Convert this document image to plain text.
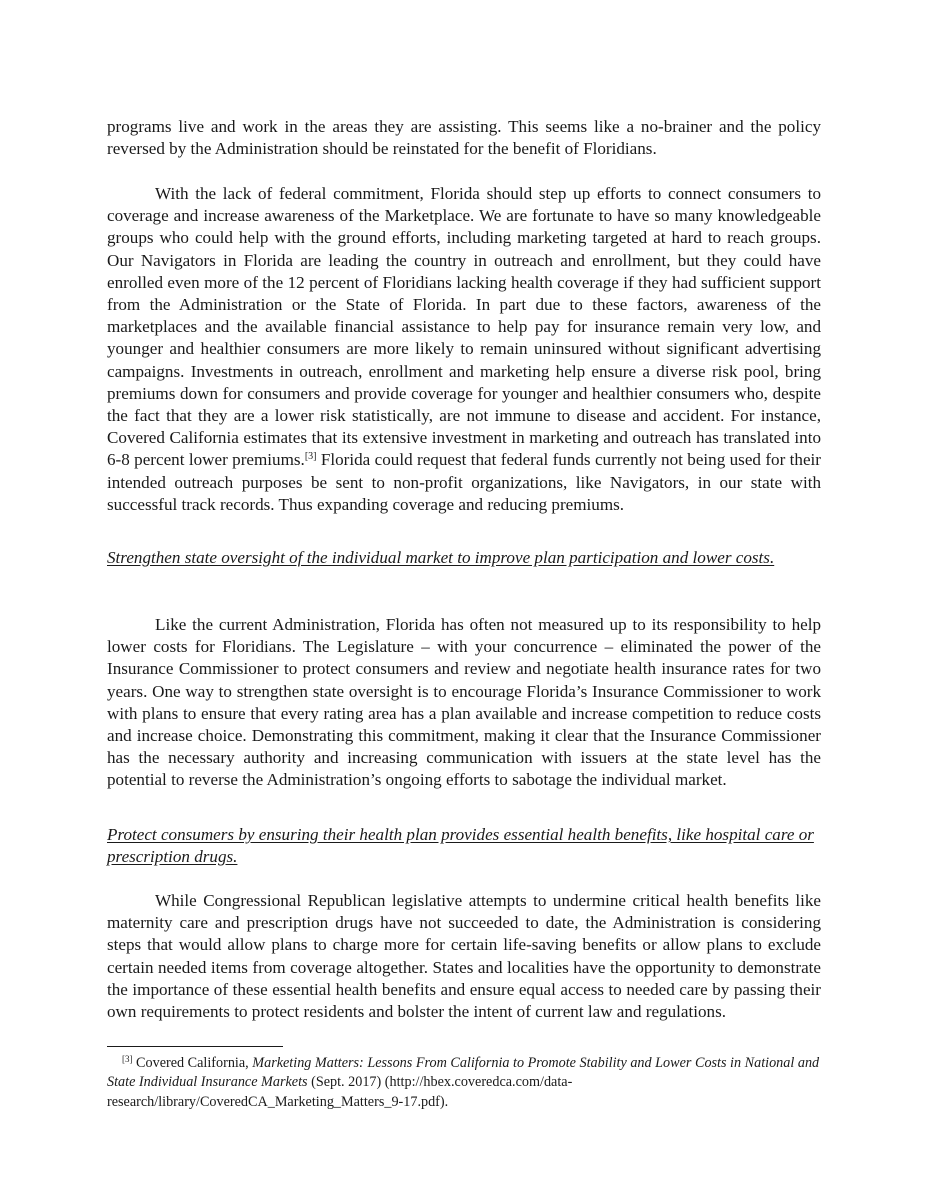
programs live and work in the areas they are assisting. This seems like a no-brainer and the policy reversed by the Administration should be reinstated for the benefit of Floridians.

With the lack of federal commitment, Florida should step up efforts to connect consumers to coverage and increase awareness of the Marketplace. We are fortunate to have so many knowledgeable groups who could help with the ground efforts, including marketing targeted at hard to reach groups. Our Navigators in Florida are leading the country in outreach and enrollment, but they could have enrolled even more of the 12 percent of Floridians lacking health coverage if they had sufficient support from the Administration or the State of Florida. In part due to these factors, awareness of the marketplaces and the available financial assistance to help pay for insurance remain very low, and younger and healthier consumers are more likely to remain uninsured without significant advertising campaigns. Investments in outreach, enrollment and marketing help ensure a diverse risk pool, bring premiums down for consumers and provide coverage for younger and healthier consumers who, despite the fact that they are a lower risk statistically, are not immune to disease and accident. For instance, Covered California estimates that its extensive investment in marketing and outreach has translated into 6-8 percent lower premiums.[3] Florida could request that federal funds currently not being used for their intended outreach purposes be sent to non-profit organizations, like Navigators, in our state with successful track records. Thus expanding coverage and reducing premiums.

Strengthen state oversight of the individual market to improve plan participation and lower costs.

Like the current Administration, Florida has often not measured up to its responsibility to help lower costs for Floridians. The Legislature – with your concurrence – eliminated the power of the Insurance Commissioner to protect consumers and review and negotiate health insurance rates for two years. One way to strengthen state oversight is to encourage Florida’s Insurance Commissioner to work with plans to ensure that every rating area has a plan available and increase competition to reduce costs and increase choice. Demonstrating this commitment, making it clear that the Insurance Commissioner has the necessary authority and increasing communication with issuers at the state level has the potential to reverse the Administration’s ongoing efforts to sabotage the individual market.

Protect consumers by ensuring their health plan provides essential health benefits, like hospital care or prescription drugs.

While Congressional Republican legislative attempts to undermine critical health benefits like maternity care and prescription drugs have not succeeded to date, the Administration is considering steps that would allow plans to charge more for certain life-saving benefits or allow plans to exclude certain needed items from coverage altogether. States and localities have the opportunity to demonstrate the importance of these essential health benefits and ensure equal access to needed care by passing their own requirements to protect residents and bolster the intent of current law and regulations.

[3] Covered California, Marketing Matters: Lessons From California to Promote Stability and Lower Costs in National and State Individual Insurance Markets (Sept. 2017) (http://hbex.coveredca.com/data-research/library/CoveredCA_Marketing_Matters_9-17.pdf).
